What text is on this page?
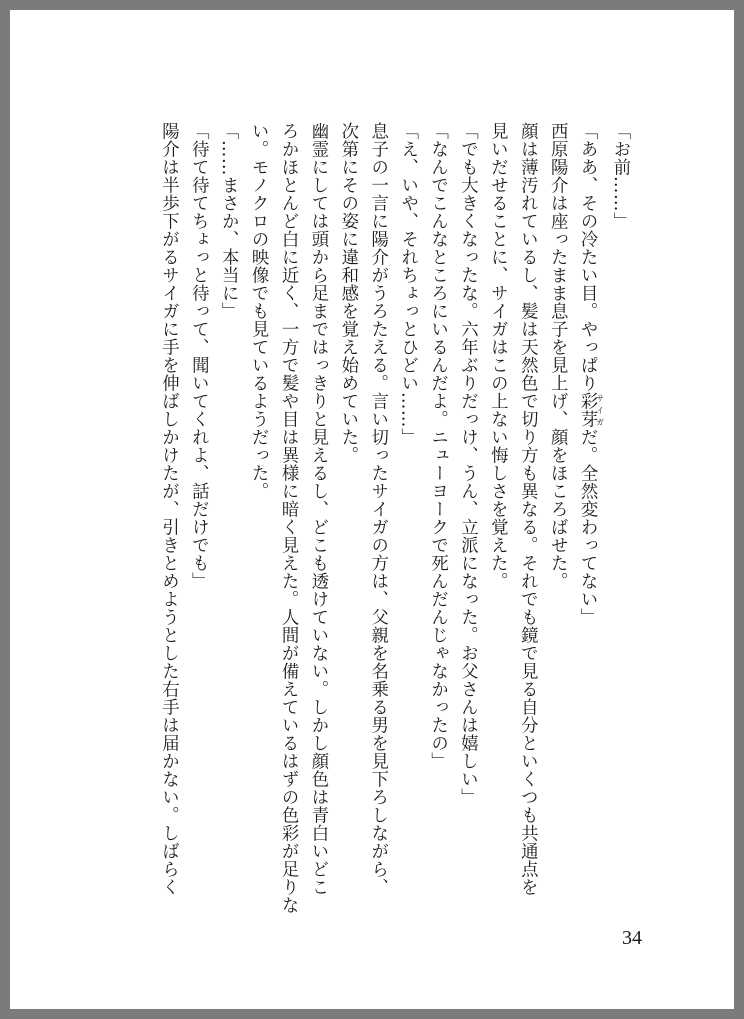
「お前……」
「ああ、その冷たい目。やっぱり彩芽サイガだ。全然変わってない」
西原陽介は座ったまま息子を見上げ、顔をほころばせた。
顔は薄汚れているし、髪は天然色で切り方も異なる。それでも鏡で見る自分といくつも共通点を
見いだせることに、サイガはこの上ない悔しさを覚えた。
「でも大きくなったな。六年ぶりだっけ、うん、立派になった。お父さんは嬉しい」
「なんでこんなところにいるんだよ。ニューヨークで死んだんじゃなかったの」
「え、いや、それちょっとひどい……」
息子の一言に陽介がうろたえる。言い切ったサイガの方は、父親を名乗る男を見下ろしながら、
次第にその姿に違和感を覚え始めていた。
幽霊にしては頭から足まではっきりと見えるし、どこも透けていない。しかし顔色は青白いどこ
ろかほとんど白に近く、一方で髪や目は異様に暗く見えた。人間が備えているはずの色彩が足りな
い。モノクロの映像でも見ているようだった。
「……まさか、本当に」
「待て待てちょっと待って、聞いてくれよ、話だけでも」
陽介は半歩下がるサイガに手を伸ばしかけたが、引きとめようとした右手は届かない。しばらく
34
